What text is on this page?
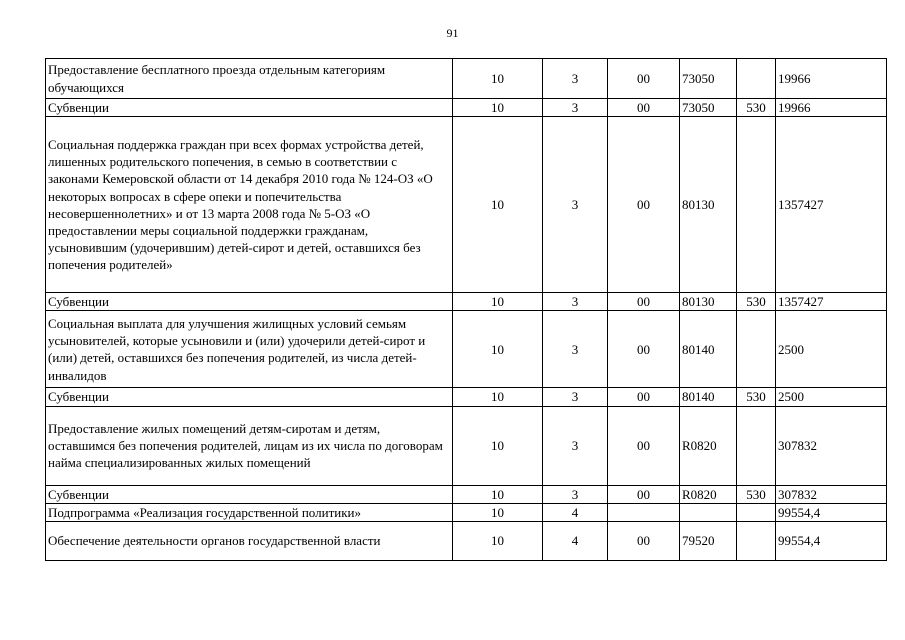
91
Предоставление бесплатного проезда отдельным категориям обучающихся	10	3	00	73050		19966
Субвенции	10	3	00	73050	530	19966
Социальная поддержка граждан при всех формах устройства детей, лишенных родительского попечения, в семью в соответствии с законами Кемеровской области от 14 декабря 2010 года № 124-ОЗ «О некоторых вопросах в сфере опеки и попечительства несовершеннолетних» и от 13 марта 2008 года № 5-ОЗ «О предоставлении меры социальной поддержки гражданам, усыновившим (удочерившим) детей-сирот и детей, оставшихся без попечения родителей»	10	3	00	80130		1357427
Субвенции	10	3	00	80130	530	1357427
Социальная выплата для улучшения жилищных условий семьям усыновителей, которые усыновили и (или) удочерили детей-сирот и (или) детей, оставшихся без попечения родителей, из числа детей-инвалидов	10	3	00	80140		2500
Субвенции	10	3	00	80140	530	2500
Предоставление жилых помещений детям-сиротам и детям, оставшимся без попечения родителей, лицам из их числа по договорам найма специализированных жилых помещений	10	3	00	R0820		307832
Субвенции	10	3	00	R0820	530	307832
Подпрограмма «Реализация государственной политики»	10	4				99554,4
Обеспечение деятельности органов государственной власти	10	4	00	79520		99554,4
